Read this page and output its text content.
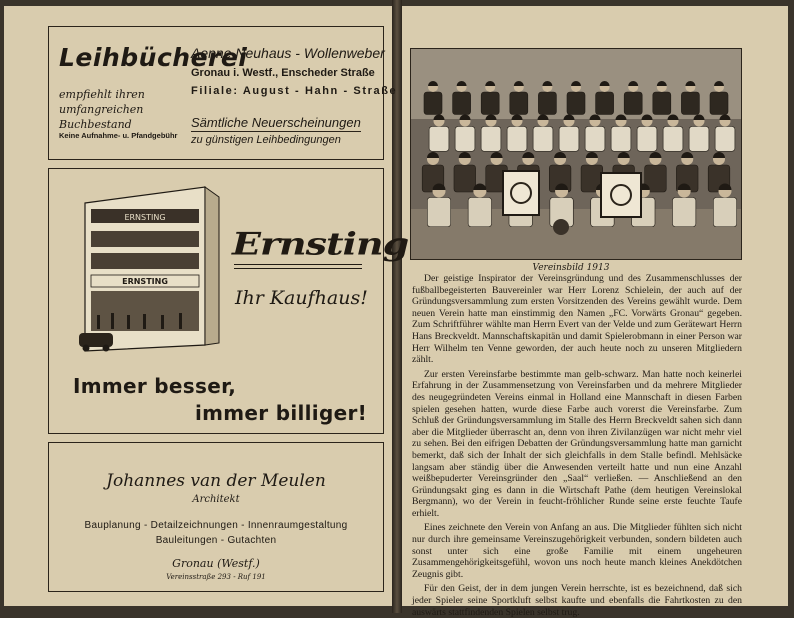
Leihbücherei
empfiehlt ihren umfangreichen Buchbestand
Keine Aufnahme- u. Pfandgebühr
Aenne Neuhaus - Wollenweber
Gronau i. Westf., Enscheder Straße
Filiale: August - Hahn - Straße
Sämtliche Neuerscheinungen
zu günstigen Leihbedingungen
ERNSTING
ERNSTING
Ernsting
Ihr Kaufhaus!
Immer besser,
immer billiger!
Johannes van der Meulen
Architekt
Bauplanung - Detailzeichnungen - Innenraumgestaltung
Bauleitungen - Gutachten
Gronau (Westf.)
Vereinsstraße 293 - Ruf 191
Vereinsbild 1913

Der geistige Inspirator der Vereinsgründung und des Zusammenschlusses der fußballbegeisterten Bauvereinler war Herr Lorenz Schielein, der auch auf der Gründungsversammlung zum ersten Vorsitzenden des Vereins gewählt wurde. Dem neuen Verein hatte man einstimmig den Namen „FC. Vorwärts Gronau“ gegeben. Zum Schriftführer wählte man Herrn Evert van der Velde und zum Gerätewart Herrn Hans Breckveldt. Mannschaftskapitän und damit Spielerobmann in einer Person war Herr Wilhelm ten Venne geworden, der auch heute noch zu unseren Mitgliedern zählt.

Zur ersten Vereinsfarbe bestimmte man gelb-schwarz. Man hatte noch keinerlei Erfahrung in der Zusammensetzung von Vereinsfarben und da mehrere Mitglieder des neugegründeten Vereins einmal in Holland eine Mannschaft in diesen Farben spielen gesehen hatten, wurde diese Farbe auch vorerst die Vereinsfarbe. Zum Schluß der Gründungsversammlung im Stalle des Herrn Breckveldt sahen sich dann aber die Mitglieder überrascht an, denn von ihren Zivilanzügen war nicht mehr viel zu sehen. Bei den eifrigen Debatten der Gründungsversammlung hatte man garnicht bemerkt, daß sich der Inhalt der sich gleichfalls in dem Stalle befindl. Mehlsäcke langsam aber ständig über die Anwesenden verteilt hatte und nun eine Anzahl weißbepuderter Vereinsgründer den „Saal“ verließen. — Anschließend an den Gründungsakt ging es dann in die Wirtschaft Pathe (dem heutigen Vereinslokal Bergmann), wo der Verein in feucht-fröhlicher Runde seine erste feuchte Taufe erhielt.

Eines zeichnete den Verein von Anfang an aus. Die Mitglieder fühlten sich nicht nur durch ihre gemeinsame Vereinszugehörigkeit verbunden, sondern bildeten auch sonst unter sich eine große Familie mit einem ungeheuren Zusammengehörigkeitsgefühl, wovon uns noch heute manch kleines Anekdötchen Zeugnis gibt.

Für den Geist, der in dem jungen Verein herrschte, ist es bezeichnend, daß sich jeder Spieler seine Sportkluft selbst kaufte und ebenfalls die Fahrtkosten zu den auswärts stattfindenden Spielen selbst trug.
